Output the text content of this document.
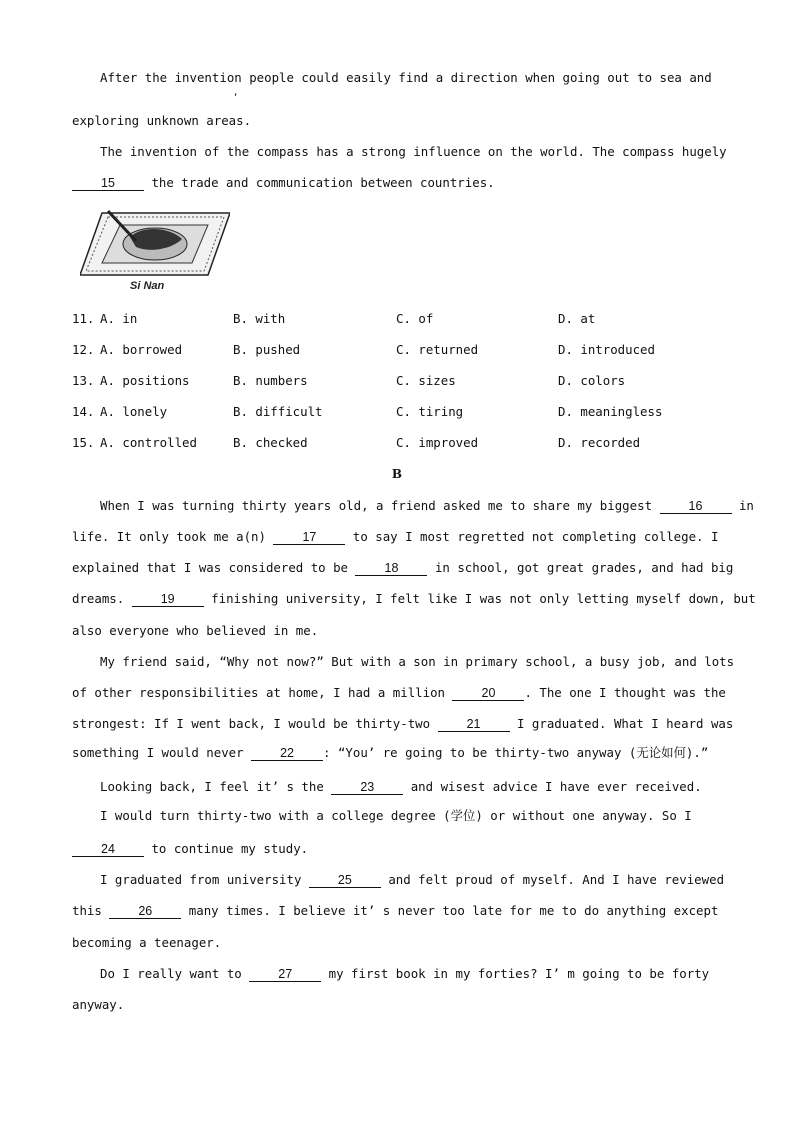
After the invention people could easily find a direction when going out to sea and
,
exploring unknown areas.
The invention of the compass has a strong influence on the world. The compass hugely
15 the trade and communication between countries.
Si Nan

11.

A. in

	B. with

	C. of

	D. at

12.

A. borrowed

	B. pushed

	C. returned

	D. introduced

13.

A. positions

	B. numbers

	C. sizes

	D. colors

14.

A. lonely

	B. difficult

	C. tiring

	D. meaningless

15.

A. controlled

	B. checked

	C. improved

	D. recorded

B
When I was turning thirty years old, a friend asked me to share my biggest 16 in
life. It only took me a(n) 17 to say I most regretted not completing college. I
explained that I was considered to be 18 in school, got great grades, and had big
dreams. 19 finishing university, I felt like I was not only letting myself down, but
also everyone who believed in me.
My friend said, “Why not now?” But with a son in primary school, a busy job, and lots
of other responsibilities at home, I had a million 20 . The one I thought was the
strongest: If I went back, I would be thirty-two 21 I graduated. What I heard was
something I would never 22 : “You’ re going to be thirty-two anyway (无论如何).”
Looking back, I feel it’ s the 23 and wisest advice I have ever received.
I would turn thirty-two with a college degree (学位) or without one anyway. So I
24 to continue my study.
I graduated from university 25 and felt proud of myself. And I have reviewed
this 26 many times. I believe it’ s never too late for me to do anything except
becoming a teenager.
Do I really want to 27 my first book in my forties? I’ m going to be forty
anyway.
